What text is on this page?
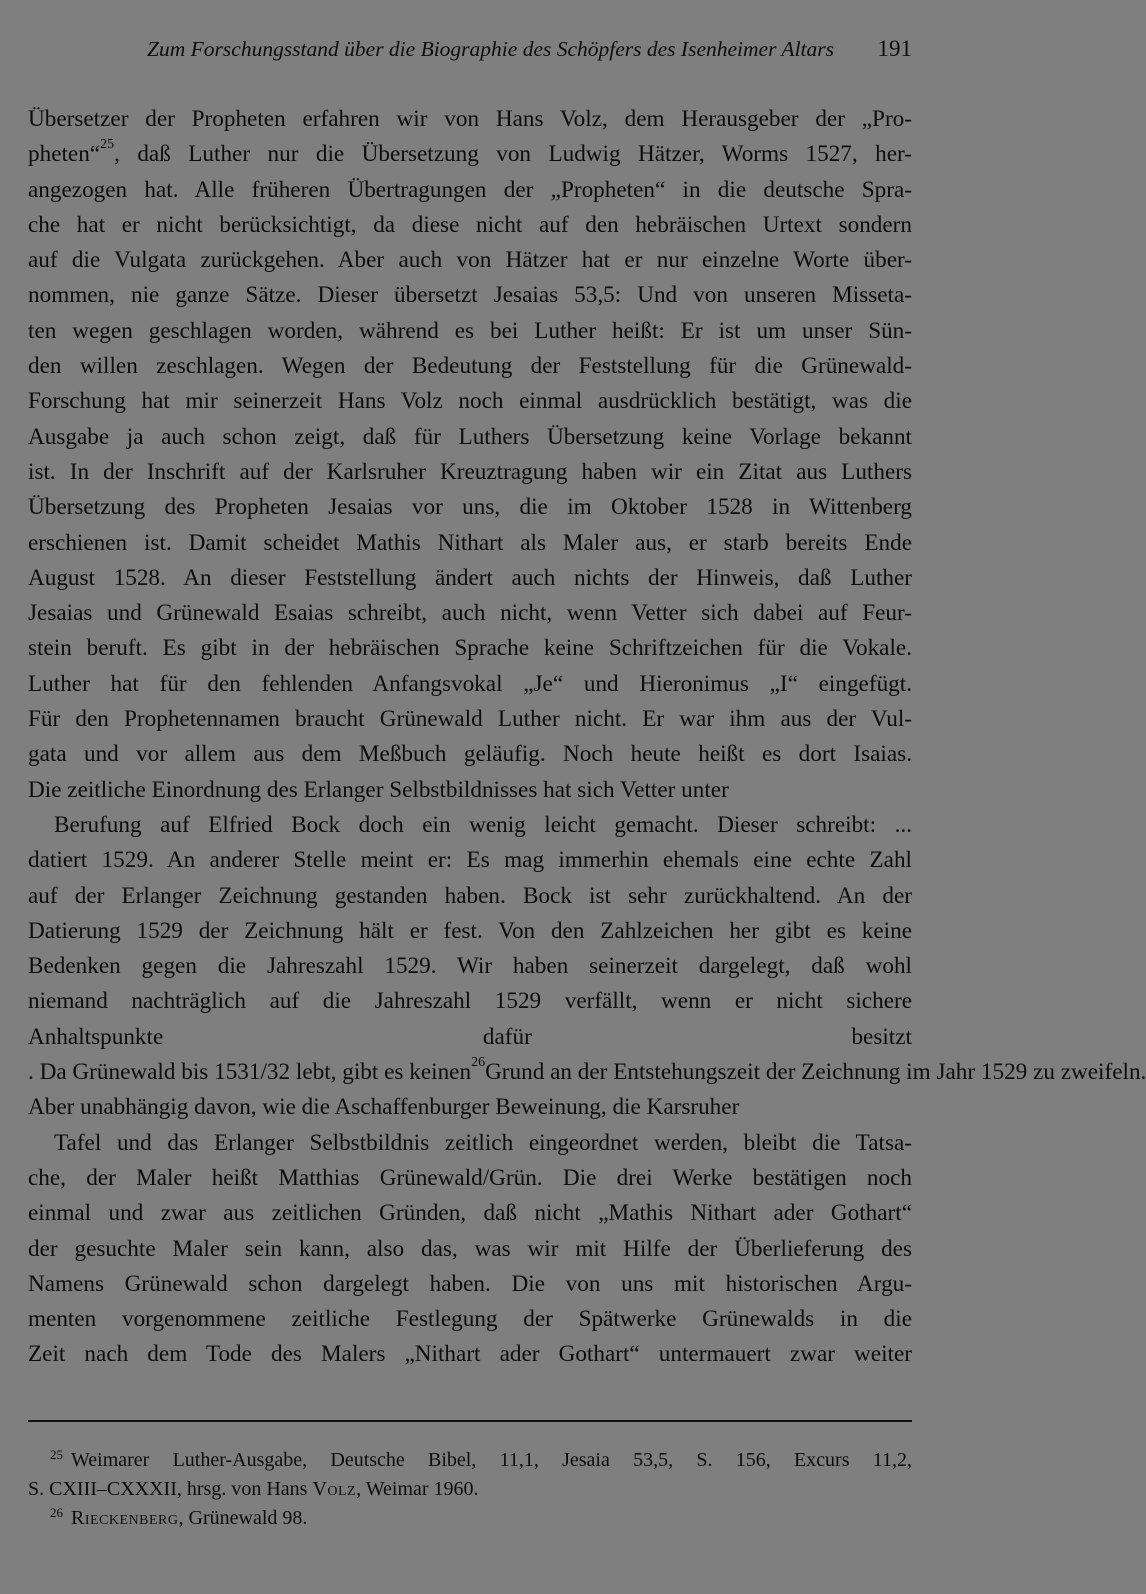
Zum Forschungsstand über die Biographie des Schöpfers des Isenheimer Altars 191
Übersetzer der Propheten erfahren wir von Hans Volz, dem Herausgeber der „Pro-
pheten“$^{25}$, daß Luther nur die Übersetzung von Ludwig Hätzer, Worms 1527, her-
angezogen hat. Alle früheren Übertragungen der „Propheten“ in die deutsche Spra-
che hat er nicht berücksichtigt, da diese nicht auf den hebräischen Urtext sondern
auf die Vulgata zurückgehen. Aber auch von Hätzer hat er nur einzelne Worte über-
nommen, nie ganze Sätze. Dieser übersetzt Jesaias 53,5: Und von unseren Misseta-
ten wegen geschlagen worden, während es bei Luther heißt: Er ist um unser Sün-
den willen zeschlagen. Wegen der Bedeutung der Feststellung für die Grünewald-
Forschung hat mir seinerzeit Hans Volz noch einmal ausdrücklich bestätigt, was die
Ausgabe ja auch schon zeigt, daß für Luthers Übersetzung keine Vorlage bekannt
ist. In der Inschrift auf der Karlsruher Kreuztragung haben wir ein Zitat aus Luthers
Übersetzung des Propheten Jesaias vor uns, die im Oktober 1528 in Wittenberg
erschienen ist. Damit scheidet Mathis Nithart als Maler aus, er starb bereits Ende
August 1528. An dieser Feststellung ändert auch nichts der Hinweis, daß Luther
Jesaias und Grünewald Esaias schreibt, auch nicht, wenn Vetter sich dabei auf Feur-
stein beruft. Es gibt in der hebräischen Sprache keine Schriftzeichen für die Vokale.
Luther hat für den fehlenden Anfangsvokal „Je“ und Hieronimus „I“ eingefügt.
Für den Prophetennamen braucht Grünewald Luther nicht. Er war ihm aus der Vul-
gata und vor allem aus dem Meßbuch geläufig. Noch heute heißt es dort Isaias.
Die zeitliche Einordnung des Erlanger Selbstbildnisses hat sich Vetter unter
Berufung auf Elfried Bock doch ein wenig leicht gemacht. Dieser schreibt: ...
datiert 1529. An anderer Stelle meint er: Es mag immerhin ehemals eine echte Zahl
auf der Erlanger Zeichnung gestanden haben. Bock ist sehr zurückhaltend. An der
Datierung 1529 der Zeichnung hält er fest. Von den Zahlzeichen her gibt es keine
Bedenken gegen die Jahreszahl 1529. Wir haben seinerzeit dargelegt, daß wohl
niemand nachträglich auf die Jahreszahl 1529 verfällt, wenn er nicht sichere
Anhaltspunkte dafür besitzt
. Da Grünewald bis 1531/32 lebt, gibt es keinen$^{26}$Grund an der Entstehungszeit der Zeichnung im Jahr 1529 zu zweifeln.
Aber unabhängig davon, wie die Aschaffenburger Beweinung, die Karsruher
Tafel und das Erlanger Selbstbildnis zeitlich eingeordnet werden, bleibt die Tatsa-
che, der Maler heißt Matthias Grünewald/Grün. Die drei Werke bestätigen noch
einmal und zwar aus zeitlichen Gründen, daß nicht „Mathis Nithart ader Gothart“
der gesuchte Maler sein kann, also das, was wir mit Hilfe der Überlieferung des
Namens Grünewald schon dargelegt haben. Die von uns mit historischen Argu-
menten vorgenommene zeitliche Festlegung der Spätwerke Grünewalds in die
Zeit nach dem Tode des Malers „Nithart ader Gothart“ untermauert zwar weiter
$^{25}$ Weimarer Luther-Ausgabe, Deutsche Bibel, 11,1, Jesaia 53,5, S. 156, Excurs 11,2,
S. CXIII–CXXXII, hrsg. von Hans Volz, Weimar 1960.
$^{26}$ Rieckenberg, Grünewald 98.
